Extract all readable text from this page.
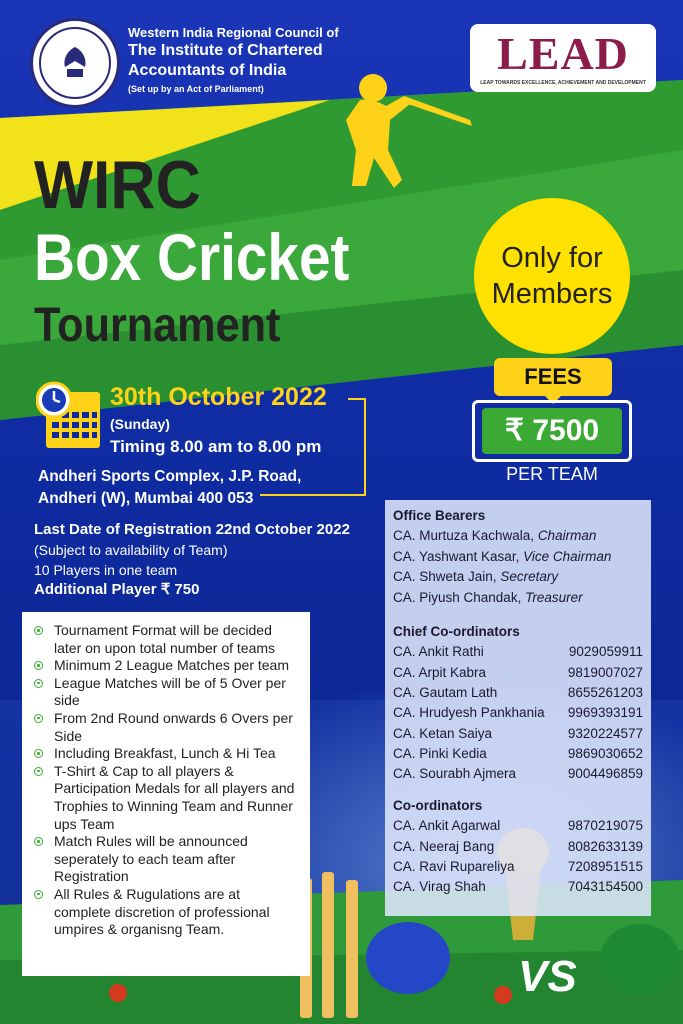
Western India Regional Council of
The Institute of Chartered
Accountants of India
(Set up by an Act of Parliament)
LEAD
LEAP TOWARDS EXCELLENCE, ACHIEVEMENT AND DEVELOPMENT
WIRC
Box Cricket
Tournament
Only for
Members
FEES
₹ 7500
PER TEAM
30th October 2022
(Sunday)
Timing 8.00 am to 8.00 pm
Andheri Sports Complex, J.P. Road,
Andheri (W), Mumbai 400 053
Last Date of Registration 22nd October 2022
(Subject to availability of Team)
10 Players in one team
Additional Player ₹ 750
Tournament Format will be decided later on upon total number of teams
Minimum 2 League Matches per team
League Matches will be of 5 Over per side
From 2nd Round onwards 6 Overs per Side
Including Breakfast, Lunch & Hi Tea
T-Shirt & Cap to all players & Participation Medals for all players and Trophies to Winning Team and Runner ups Team
Match Rules will be announced seperately to each team after Registration
All Rules & Rugulations are at complete discretion of professional umpires & organisng Team.
Office Bearers
CA. Murtuza Kachwala, Chairman
CA. Yashwant Kasar, Vice Chairman
CA. Shweta Jain, Secretary
CA. Piyush Chandak, Treasurer
Chief Co-ordinators
CA. Ankit Rathi	9029059911
CA. Arpit Kabra	9819007027
CA. Gautam Lath	8655261203
CA. Hrudyesh Pankhania 9969393191
CA. Ketan Saiya	9320224577
CA. Pinki Kedia	9869030652
CA. Sourabh Ajmera	9004496859
Co-ordinators
CA. Ankit Agarwal	9870219075
CA. Neeraj Bang	8082633139
CA. Ravi Rupareliya	7208951515
CA. Virag Shah	7043154500
VS
